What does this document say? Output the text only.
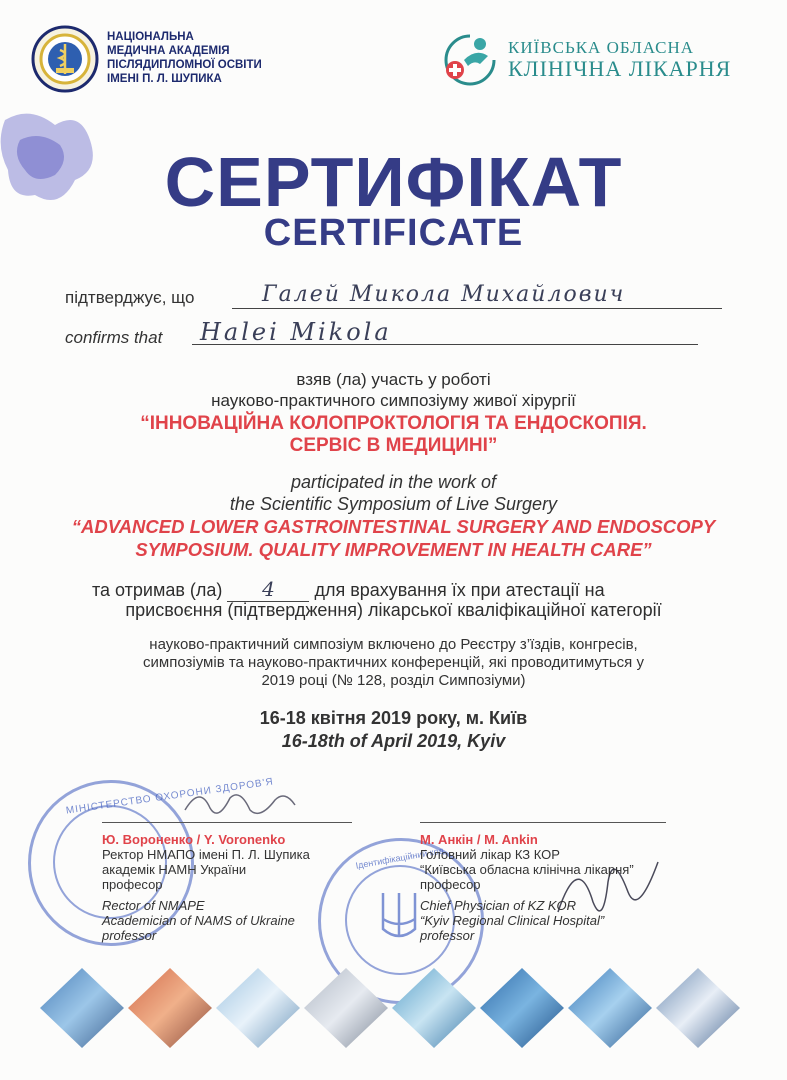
НАЦІОНАЛЬНА
МЕДИЧНА АКАДЕМІЯ
ПІСЛЯДИПЛОМНОЇ ОСВІТИ
ІМЕНІ П. Л. ШУПИКА
КИЇВСЬКА ОБЛАСНА
КЛІНІЧНА ЛІКАРНЯ
СЕРТИФІКАТ
CERTIFICATE
підтверджує, що	Галей Микола Михайлович
confirms that	Halei Mikola
взяв (ла) участь у роботі
науково-практичного симпозіуму живої хірургії
“ІННОВАЦІЙНА КОЛОПРОКТОЛОГІЯ ТА ЕНДОСКОПІЯ.
СЕРВІС В МЕДИЦИНІ”
participated in the work of
the Scientific Symposium of Live Surgery
“ADVANCED LOWER GASTROINTESTINAL SURGERY AND ENDOSCOPY
SYMPOSIUM. QUALITY IMPROVEMENT IN HEALTH CARE”
та отримав (ла) 4 для врахування їх при атестації на
присвоєння (підтвердження) лікарської кваліфікаційної категорії
науково-практичний симпозіум включено до Реєстру з’їздів, конгресів,
симпозіумів та науково-практичних конференцій, які проводитимуться у
2019 році (№ 128, розділ Симпозіуми)
16-18 квітня 2019 року, м. Київ
16-18th of April 2019, Kyiv
МІНІСТЕРСТВО ОХОРОНИ ЗДОРОВ'Я
Ідентифікаційний код
Ю. Вороненко / Y. Voronenko
Ректор НМАПО імені П. Л. Шупика
академік НАМН України
професор
Rector of NMAPE
Academician of NAMS of Ukraine
professor
М. Анкін / M. Ankin
Головний лікар КЗ КОР
“Київська обласна клінічна лікарня”
професор
Chief Physician of KZ KOR
“Kyiv Regional Clinical Hospital”
professor
